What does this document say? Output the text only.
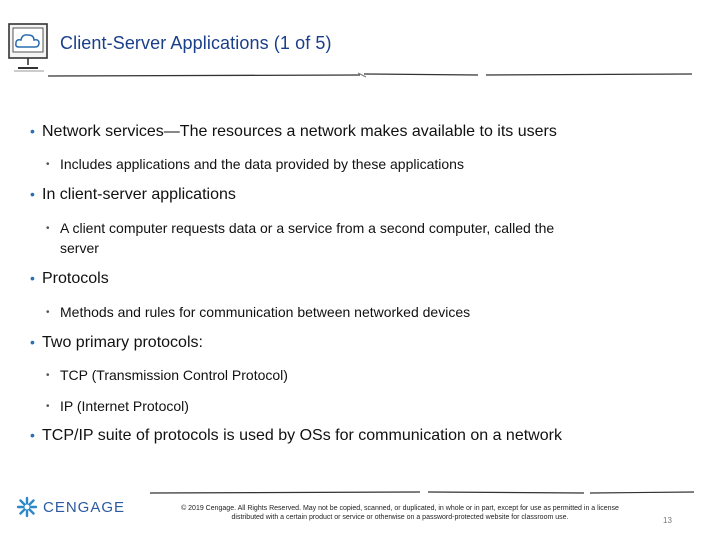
Client-Server Applications (1 of 5)
• Network services—The resources a network makes available to its users
• Includes applications and the data provided by these applications
• In client-server applications
• A client computer requests data or a service from a second computer, called the
server
• Protocols
• Methods and rules for communication between networked devices
• Two primary protocols:
• TCP (Transmission Control Protocol)
• IP (Internet Protocol)
• TCP/IP suite of protocols is used by OSs for communication on a network
CENGAGE	© 2019 Cengage. All Rights Reserved. May not be copied, scanned, or duplicated, in whole or in part, except for use as permitted in a license
distributed with a certain product or service or otherwise on a password-protected website for classroom use.	13
